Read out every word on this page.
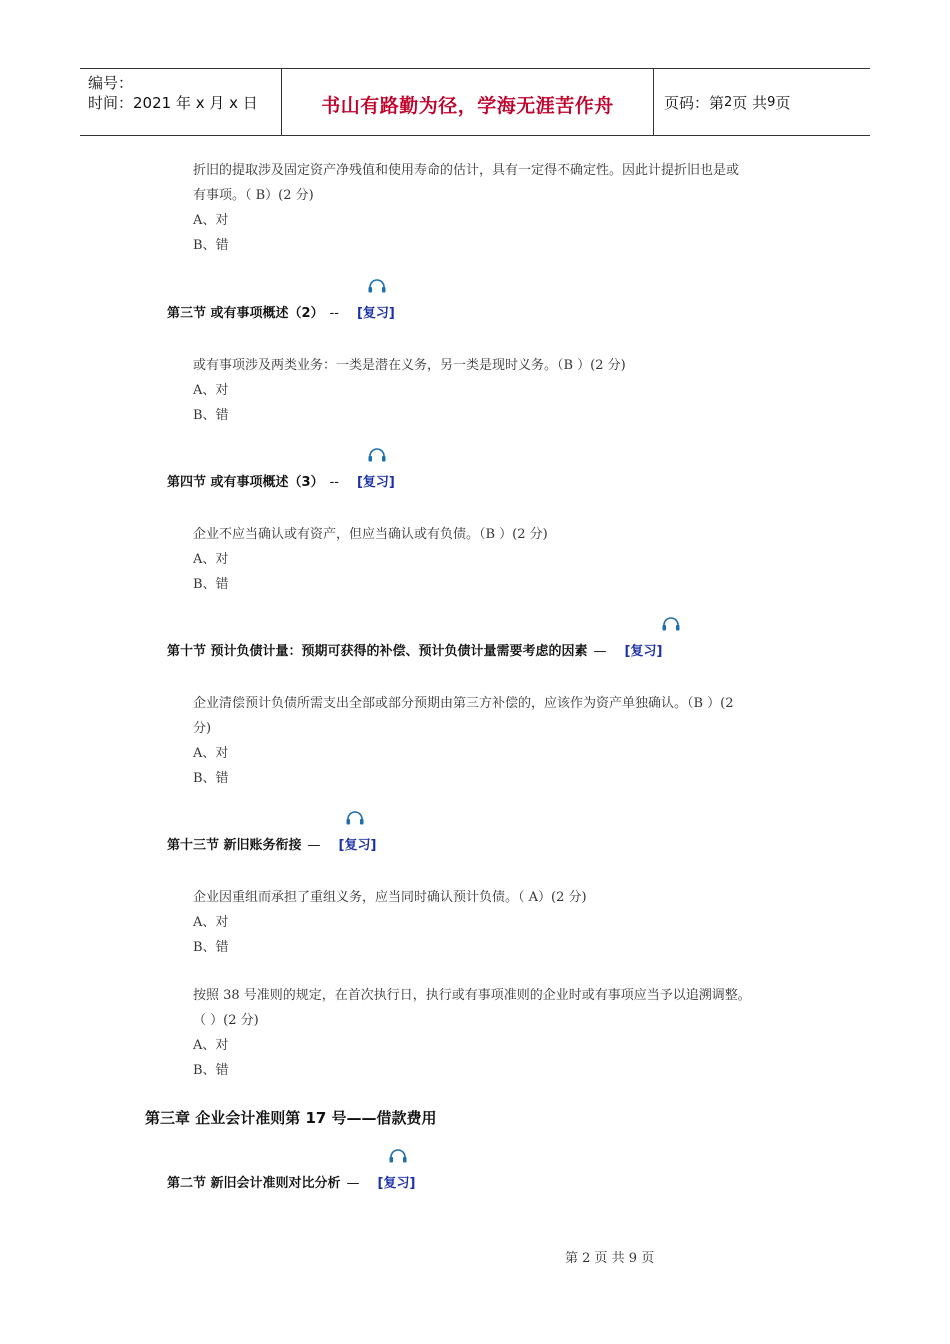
编号：
时间：2021 年 x 月 x 日	书山有路勤为径，学海无涯苦作舟	页码：第 2 页 共 9 页
折旧的提取涉及固定资产净残值和使用寿命的估计，具有一定得不确定性。因此计提折旧也是或
有事项。（ B）(2 分)
A、对
B、错
第三节 或有事项概述（2） -- [复习]
或有事项涉及两类业务：一类是潜在义务，另一类是现时义务。（B ）(2 分)
A、对
B、错
第四节 或有事项概述（3） -- [复习]
企业不应当确认或有资产，但应当确认或有负债。（B ）(2 分)
A、对
B、错
第十节 预计负债计量：预期可获得的补偿、预计负债计量需要考虑的因素 — [复习]
企业清偿预计负债所需支出全部或部分预期由第三方补偿的，应该作为资产单独确认。（B ）(2
分)
A、对
B、错
第十三节 新旧账务衔接 — [复习]
企业因重组而承担了重组义务，应当同时确认预计负债。（ A）(2 分)
A、对
B、错
按照 38 号准则的规定，在首次执行日，执行或有事项准则的企业时或有事项应当予以追溯调整。
（ ）(2 分)
A、对
B、错
第三章 企业会计准则第 17 号——借款费用
第二节 新旧会计准则对比分析 — [复习]
第 2 页 共 9 页
